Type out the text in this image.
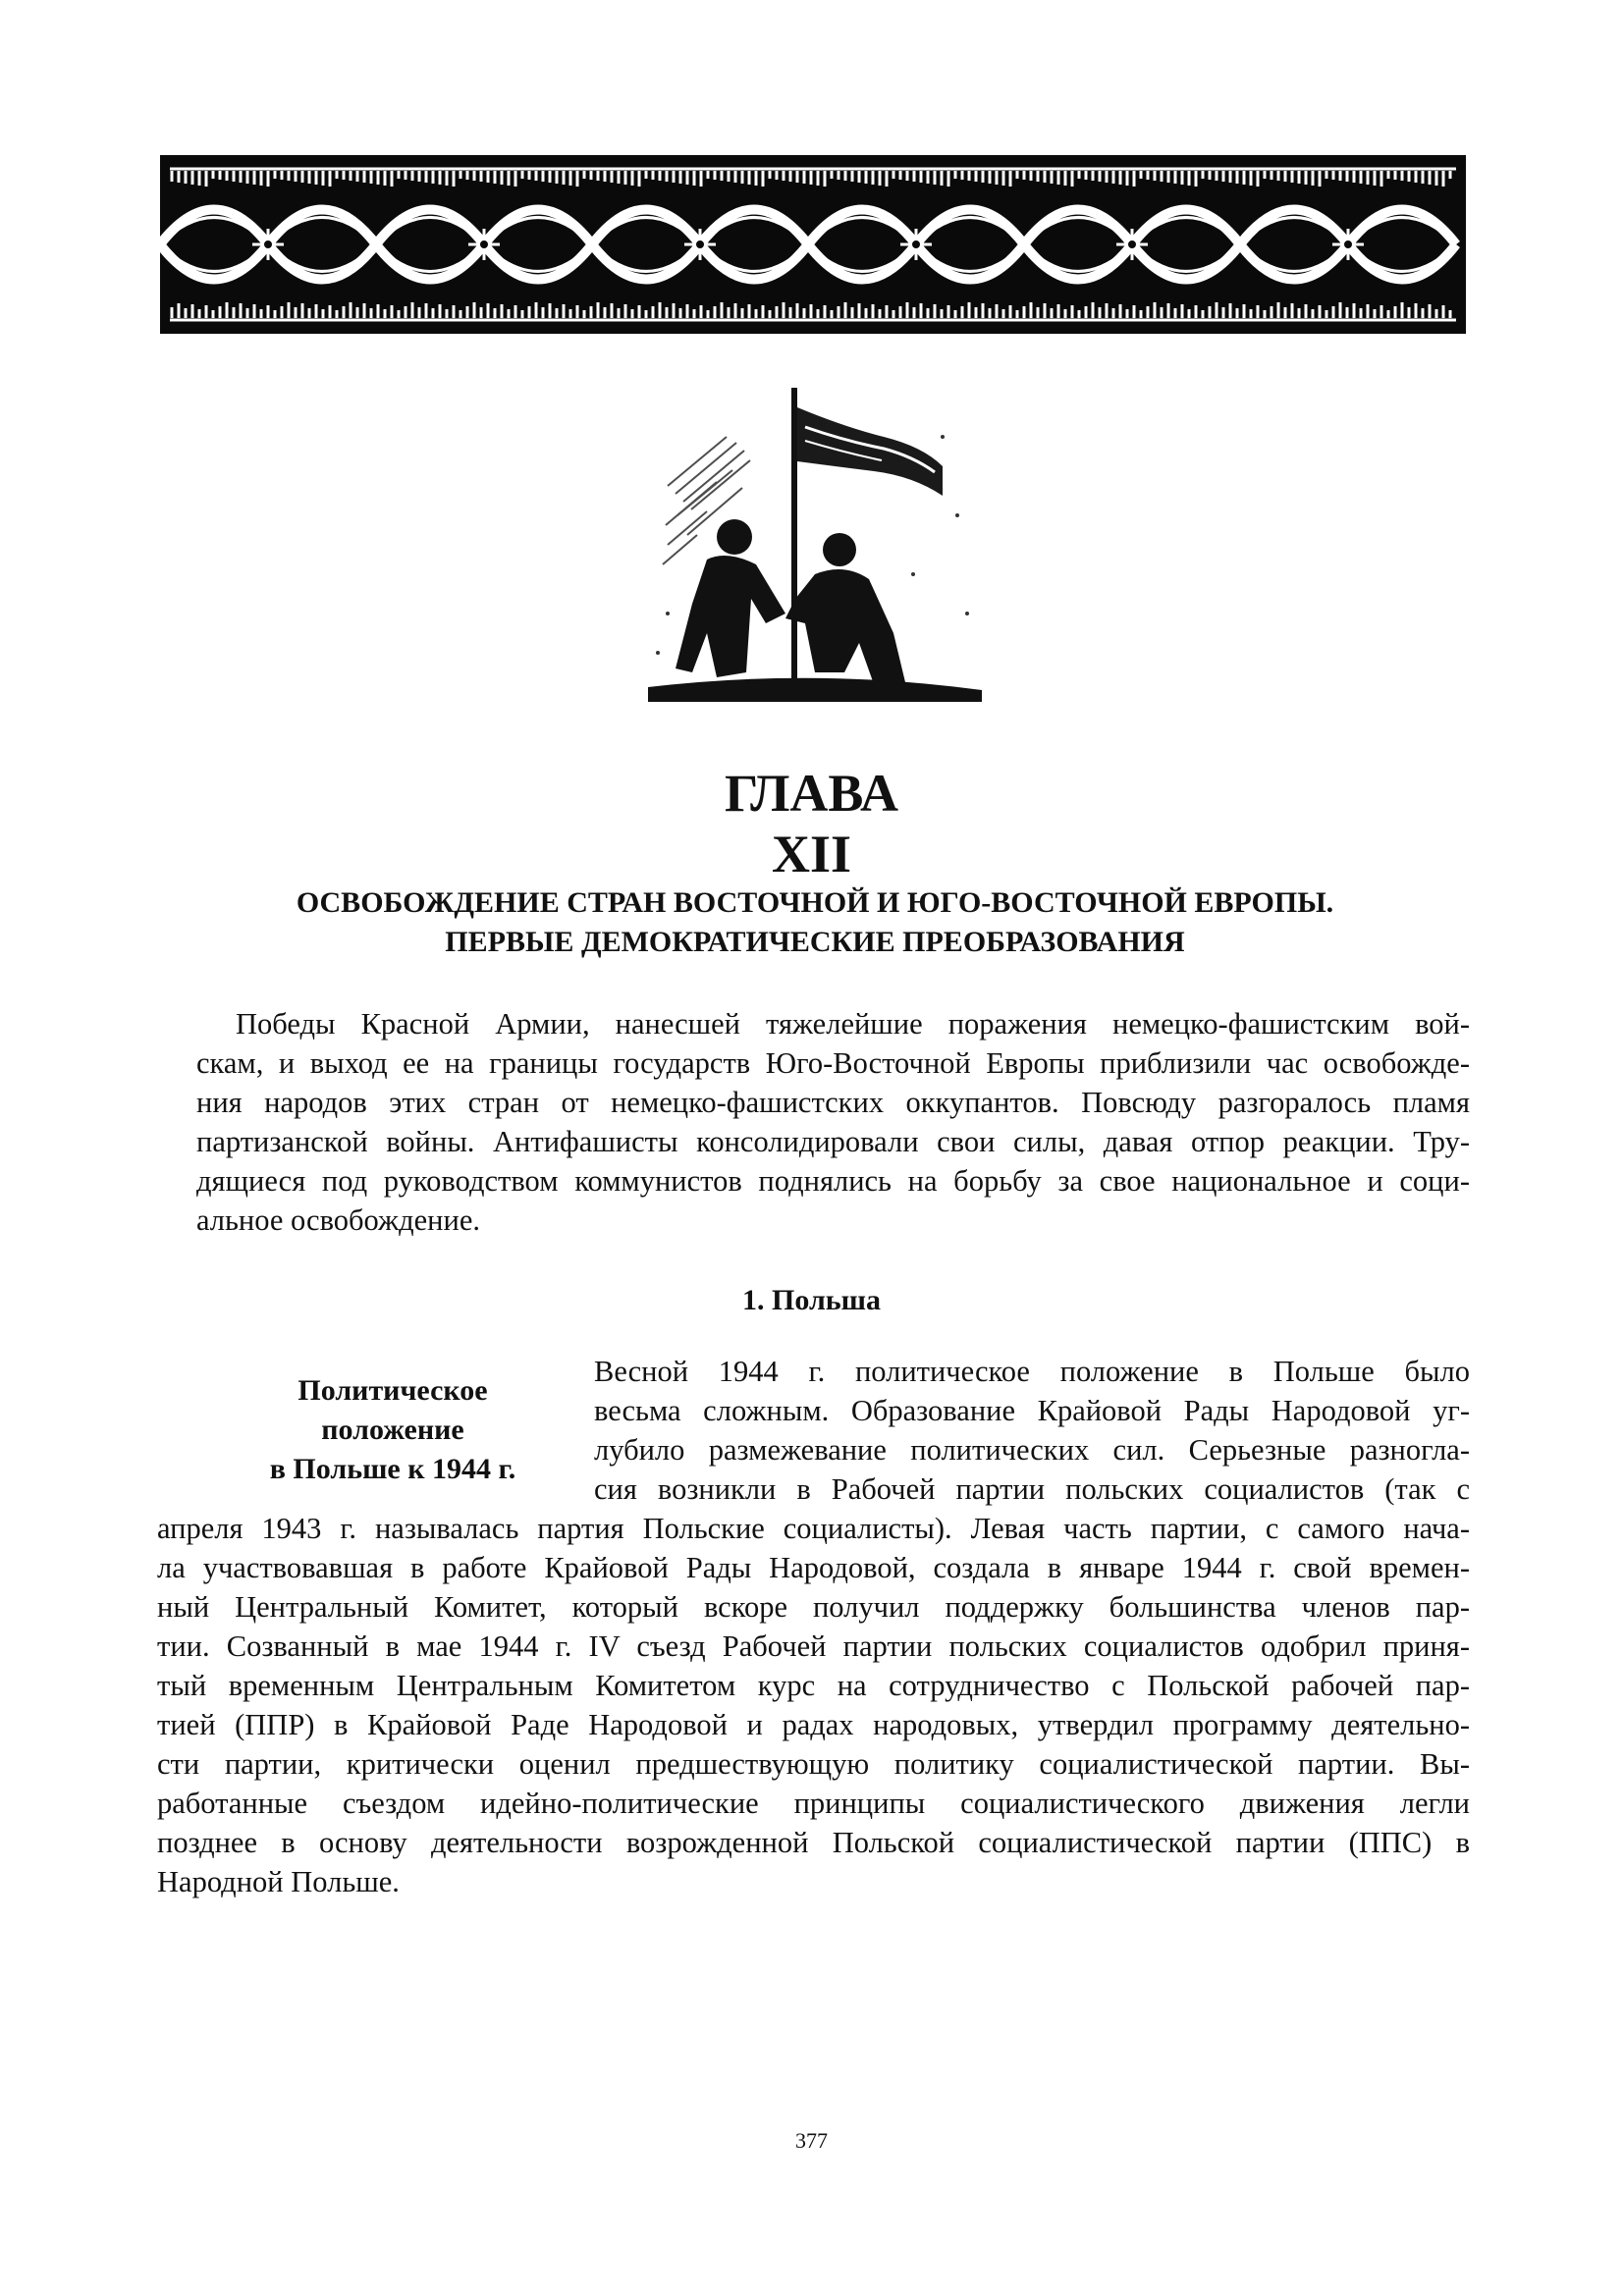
ГЛАВА
XII
ОСВОБОЖДЕНИЕ СТРАН ВОСТОЧНОЙ И ЮГО-ВОСТОЧНОЙ ЕВРОПЫ.
ПЕРВЫЕ ДЕМОКРАТИЧЕСКИЕ ПРЕОБРАЗОВАНИЯ
Победы Красной Армии, нанесшей тяжелейшие поражения немецко-фашистским вой-
скам, и выход ее на границы государств Юго-Восточной Европы приблизили час освобожде-
ния народов этих стран от немецко-фашистских оккупантов. Повсюду разгоралось пламя
партизанской войны. Антифашисты консолидировали свои силы, давая отпор реакции. Тру-
дящиеся под руководством коммунистов поднялись на борьбу за свое национальное и соци-
альное освобождение.
1. Польша
Политическое
положение
в Польше к 1944 г.
Весной 1944 г. политическое положение в Польше было
весьма сложным. Образование Крайовой Рады Народовой уг-
лубило размежевание политических сил. Серьезные разногла-
сия возникли в Рабочей партии польских социалистов (так с
апреля 1943 г. называлась партия Польские социалисты). Левая часть партии, с самого нача-
ла участвовавшая в работе Крайовой Рады Народовой, создала в январе 1944 г. свой времен-
ный Центральный Комитет, который вскоре получил поддержку большинства членов пар-
тии. Созванный в мае 1944 г. IV съезд Рабочей партии польских социалистов одобрил приня-
тый временным Центральным Комитетом курс на сотрудничество с Польской рабочей пар-
тией (ППР) в Крайовой Раде Народовой и радах народовых, утвердил программу деятельно-
сти партии, критически оценил предшествующую политику социалистической партии. Вы-
работанные съездом идейно-политические принципы социалистического движения легли
позднее в основу деятельности возрожденной Польской социалистической партии (ППС) в
Народной Польше.
377
